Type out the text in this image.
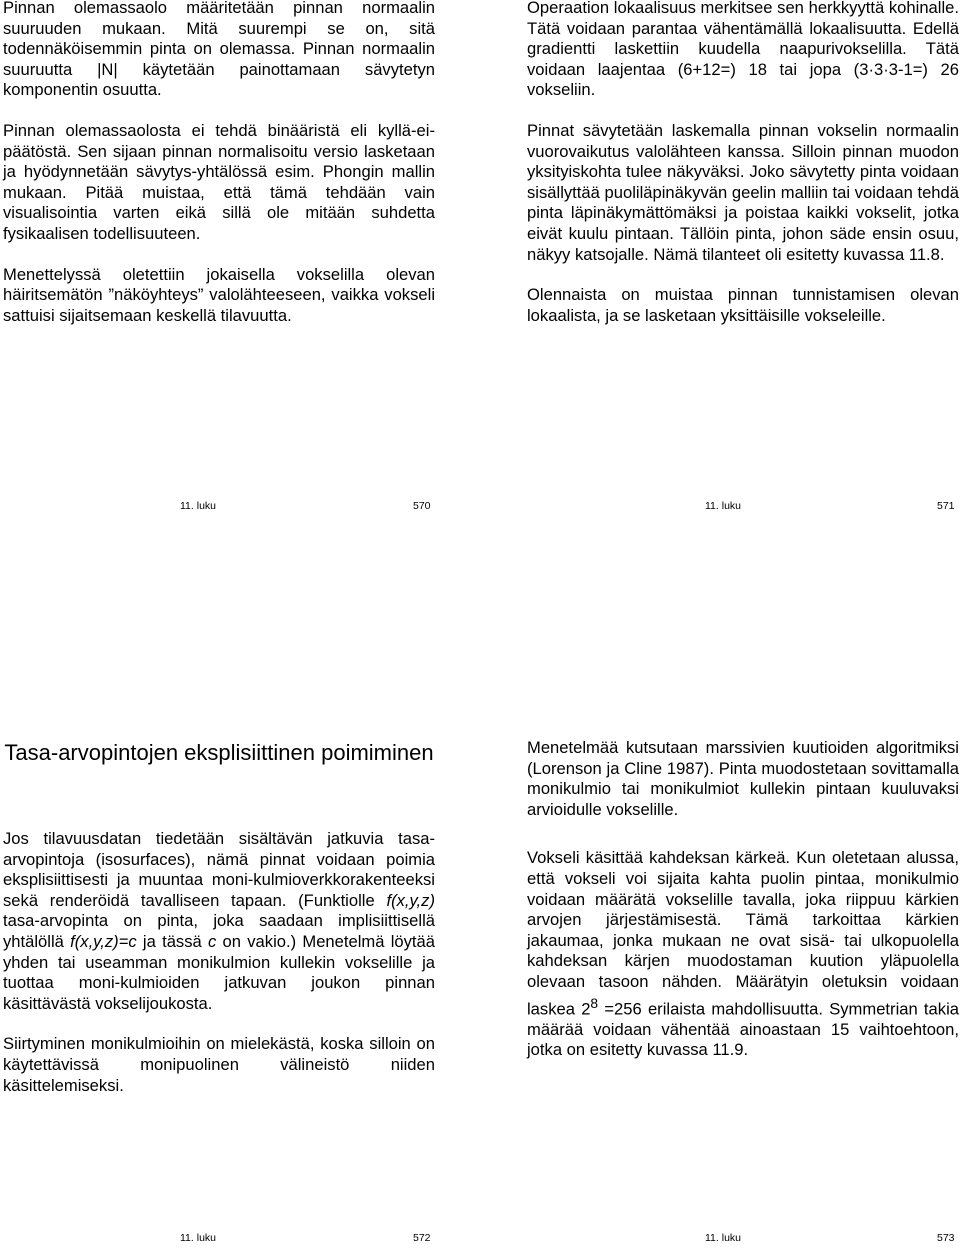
Pinnan olemassaolo määritetään pinnan normaalin suuruuden mukaan. Mitä suurempi se on, sitä todennäköisemmin pinta on olemassa. Pinnan normaalin suuruutta |N| käytetään painottamaan sävytetyn komponentin osuutta.

Pinnan olemassaolosta ei tehdä binääristä eli kyllä-ei-päätöstä. Sen sijaan pinnan normalisoitu versio lasketaan ja hyödynnetään sävytys-yhtälössä esim. Phongin mallin mukaan. Pitää muistaa, että tämä tehdään vain visualisointia varten eikä sillä ole mitään suhdetta fysikaalisen todellisuuteen.

Menettelyssä oletettiin jokaisella vokselilla olevan häiritsemätön ”näköyhteys” valolähteeseen, vaikka vokseli sattuisi sijaitsemaan keskellä tilavuutta.

11. luku	570

Operaation lokaalisuus merkitsee sen herkkyyttä kohinalle. Tätä voidaan parantaa vähentämällä lokaalisuutta. Edellä gradientti laskettiin kuudella naapurivokselilla. Tätä voidaan laajentaa (6+12=) 18 tai jopa (3·3·3-1=) 26 vokseliin.

Pinnat sävytetään laskemalla pinnan vokselin normaalin vuorovaikutus valolähteen kanssa. Silloin pinnan muodon yksityiskohta tulee näkyväksi. Joko sävytetty pinta voidaan sisällyttää puoliläpinäkyvän geelin malliin tai voidaan tehdä pinta läpinäkymättömäksi ja poistaa kaikki vokselit, jotka eivät kuulu pintaan. Tällöin pinta, johon säde ensin osuu, näkyy katsojalle. Nämä tilanteet oli esitetty kuvassa 11.8.

Olennaista on muistaa pinnan tunnistamisen olevan lokaalista, ja se lasketaan yksittäisille vokseleille.

11. luku	571
Tasa-arvopintojen eksplisiittinen poimiminen

Jos tilavuusdatan tiedetään sisältävän jatkuvia tasa-arvopintoja (isosurfaces), nämä pinnat voidaan poimia eksplisiittisesti ja muuntaa moni-kulmioverkkorakenteeksi sekä renderöidä tavalliseen tapaan. (Funktiolle f(x,y,z) tasa-arvopinta on pinta, joka saadaan implisiittisellä yhtälöllä f(x,y,z)=c ja tässä c on vakio.) Menetelmä löytää yhden tai useamman monikulmion kullekin vokselille ja tuottaa moni-kulmioiden jatkuvan joukon pinnan käsittävästä vokselijoukosta.

Siirtyminen monikulmioihin on mielekästä, koska silloin on käytettävissä monipuolinen välineistö niiden käsittelemiseksi.

11. luku	572

Menetelmää kutsutaan marssivien kuutioiden algoritmiksi (Lorenson ja Cline 1987). Pinta muodostetaan sovittamalla monikulmio tai monikulmiot kullekin pintaan kuuluvaksi arvioidulle vokselille.

Vokseli käsittää kahdeksan kärkeä. Kun oletetaan alussa, että vokseli voi sijaita kahta puolin pintaa, monikulmio voidaan määrätä vokselille tavalla, joka riippuu kärkien arvojen järjestämisestä. Tämä tarkoittaa kärkien jakaumaa, jonka mukaan ne ovat sisä- tai ulkopuolella kahdeksan kärjen muodostaman kuution yläpuolella olevaan tasoon nähden. Määrätyin oletuksin voidaan laskea $2^8 =256$ erilaista mahdollisuutta. Symmetrian takia määrää voidaan vähentää ainoastaan 15 vaihtoehtoon, jotka on esitetty kuvassa 11.9.

11. luku	573
